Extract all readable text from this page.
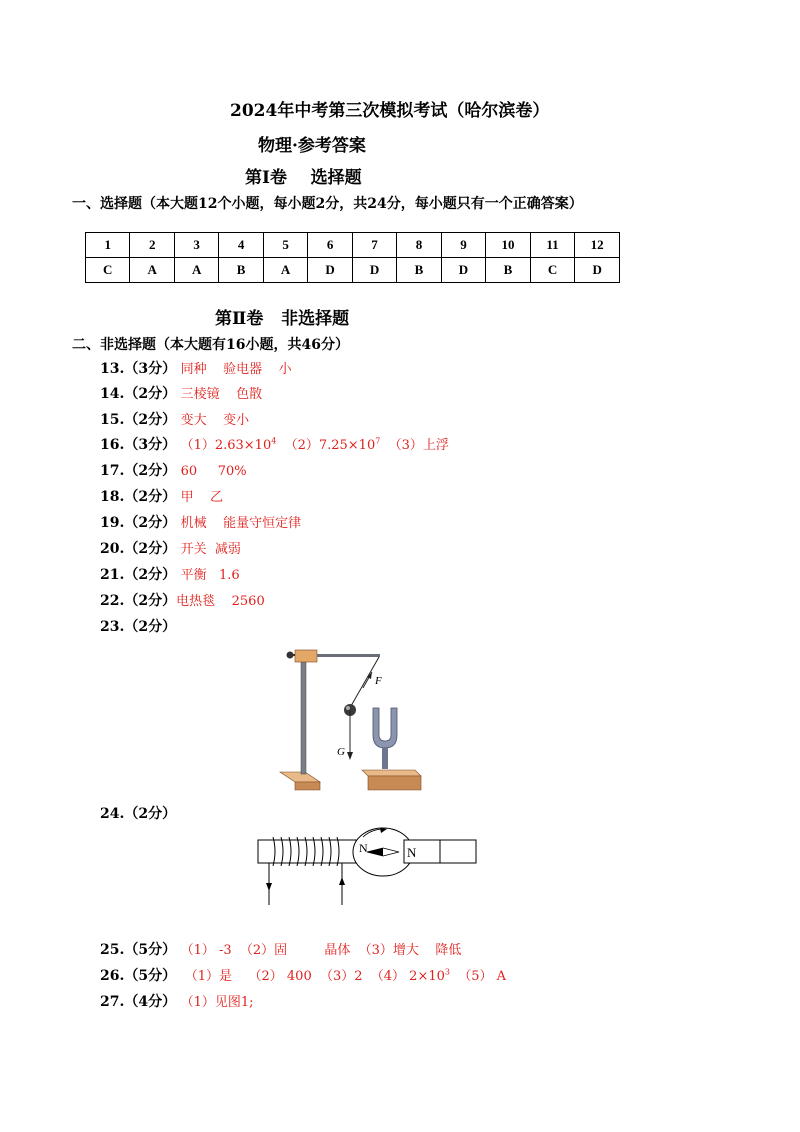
2024年中考第三次模拟考试（哈尔滨卷）
物理·参考答案
第Ⅰ卷    选择题
一、选择题（本大题12个小题，每小题2分，共24分，每小题只有一个正确答案）
1	2	3	4	5	6	7	8	9	10	11	12
C	A	A	B	A	D	D	B	D	B	C	D
第Ⅱ卷   非选择题
二、非选择题（本大题有16小题，共46分）
13.（3分） 同种    验电器    小
14.（2分） 三棱镜    色散
15.（2分） 变大    变小
16.（3分） $(1)2.63\times 10^4$  $(2)7.25\times 10^7$  （3）上浮
17.（2分） 60     70%
18.（2分） 甲    乙
19.（2分） 机械    能量守恒定律
20.（2分） 开关  减弱
21.（2分） 平衡   1.6
22.（2分）电热毯    2560
23.（2分）
F
G
24.（2分）
N	N
25.（5分） （1） -3  （2）固         晶体  （3）增大    降低
26.（5分）  （1）是    （2） 400  （3）2  （4） $2\times 10^3$  （5） A
27.（4分） （1）见图1;
